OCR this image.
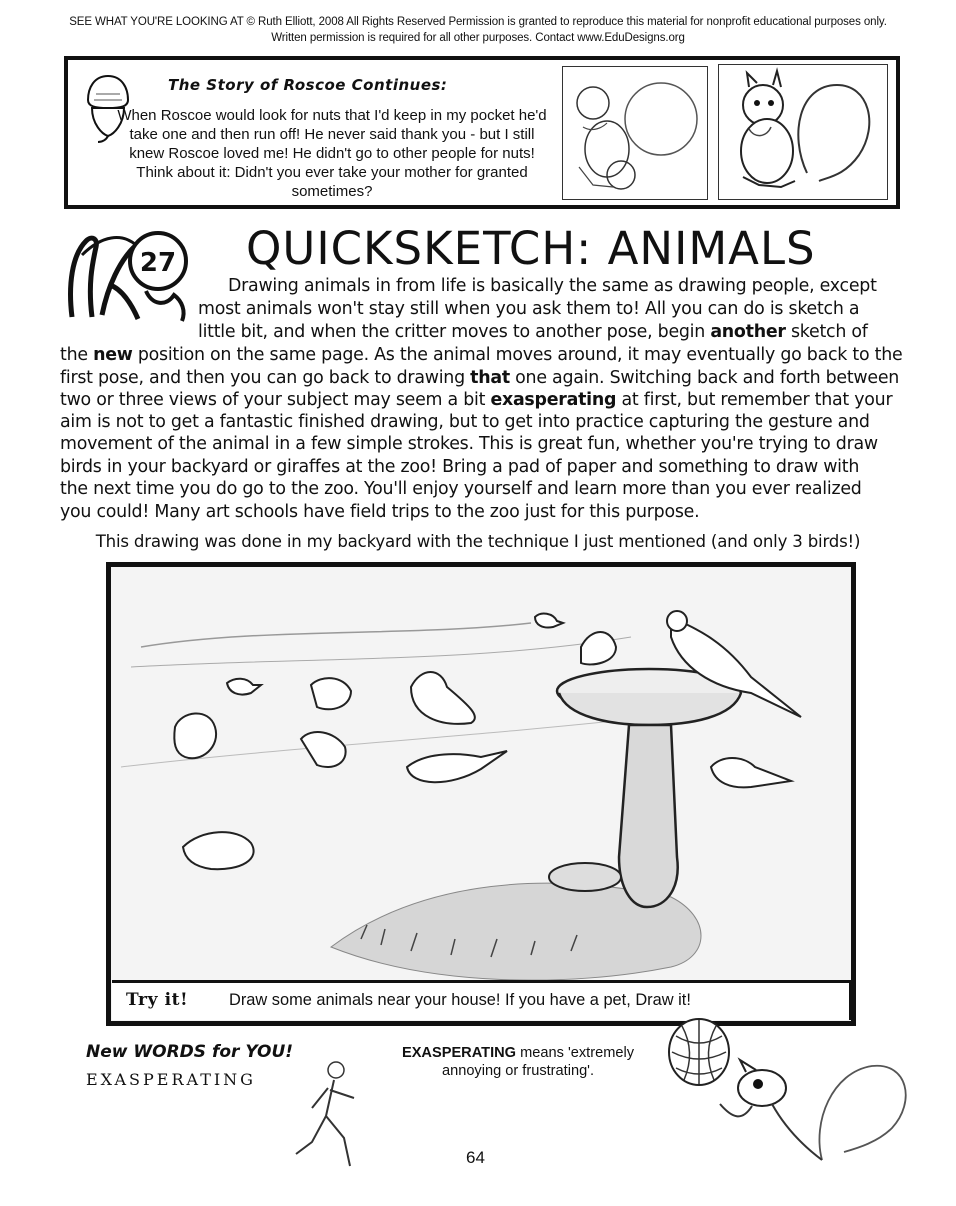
SEE WHAT YOU'RE LOOKING AT © Ruth Elliott, 2008 All Rights Reserved Permission is granted to reproduce this material for nonprofit educational purposes only.
Written permission is required for all other purposes. Contact www.EduDesigns.org
The Story of Roscoe Continues:
When Roscoe would look for nuts that I'd keep in my pocket he'd take one and then run off! He never said thank you - but I still knew Roscoe loved me! He didn't go to other people for nuts! Think about it: Didn't you ever take your mother for granted sometimes?
27 QUICKSKETCH: ANIMALS
Drawing animals in from life is basically the same as drawing people, except
most animals won't stay still when you ask them to! All you can do is sketch a
little bit, and when the critter moves to another pose, begin another sketch of
the new position on the same page. As the animal moves around, it may eventually go back to the
first pose, and then you can go back to drawing that one again. Switching back and forth between
two or three views of your subject may seem a bit exasperating at first, but remember that your
aim is not to get a fantastic finished drawing, but to get into practice capturing the gesture and
movement of the animal in a few simple strokes. This is great fun, whether you're trying to draw
birds in your backyard or giraffes at the zoo! Bring a pad of paper and something to draw with
the next time you do go to the zoo. You'll enjoy yourself and learn more than you ever realized
you could! Many art schools have field trips to the zoo just for this purpose.
This drawing was done in my backyard with the technique I just mentioned (and only 3 birds!)
Try it! Draw some animals near your house! If you have a pet, Draw it!
New WORDS for YOU!
EXASPERATING
EXASPERATING means 'extremely annoying or frustrating'.
64
